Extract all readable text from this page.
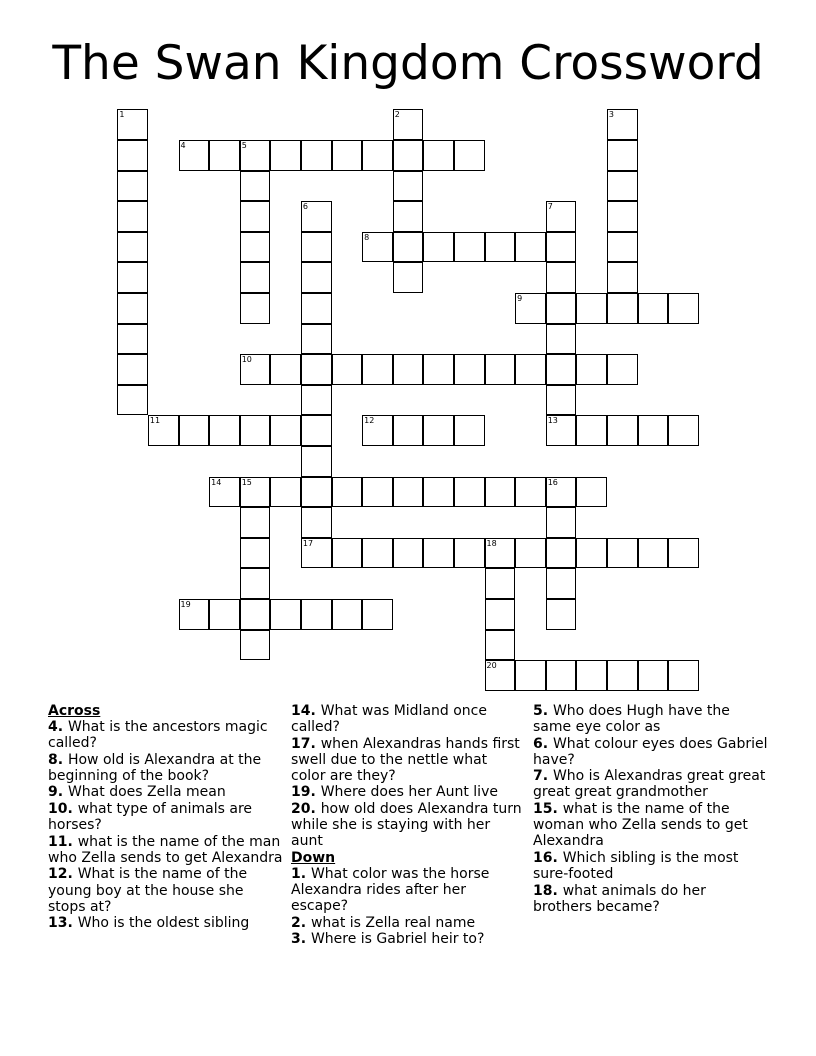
The Swan Kingdom Crossword
4	5
8
9
10
11	12	13
14	15	16
17	18
19
20
1	2	3
6	7
Across
4. What is the ancestors magic called?
8. How old is Alexandra at the beginning of the book?
9. What does Zella mean
10. what type of animals are horses?
11. what is the name of the man who Zella sends to get Alexandra
12. What is the name of the young boy at the house she stops at?
13. Who is the oldest sibling
14. What was Midland once called?
17. when Alexandras hands first swell due to the nettle what color are they?
19. Where does her Aunt live
20. how old does Alexandra turn while she is staying with her aunt
Down
1. What color was the horse Alexandra rides after her escape?
2. what is Zella real name
3. Where is Gabriel heir to?
5. Who does Hugh have the same eye color as
6. What colour eyes does Gabriel have?
7. Who is Alexandras great great great great grandmother
15. what is the name of the woman who Zella sends to get Alexandra
16. Which sibling is the most sure-footed
18. what animals do her brothers became?
